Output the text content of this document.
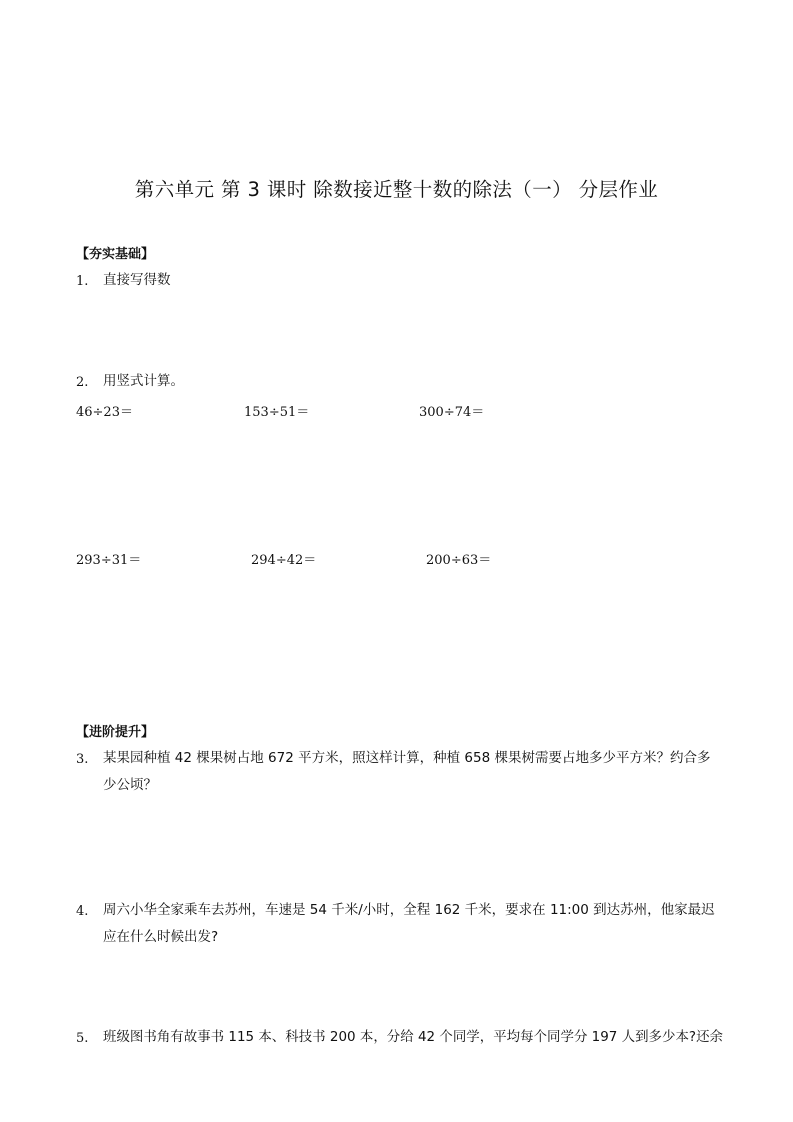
第六单元 第 3 课时 除数接近整十数的除法（一） 分层作业
【夯实基础】
1. 直接写得数
2. 用竖式计算。
46÷23＝	153÷51＝	300÷74＝
293÷31＝	294÷42＝	200÷63＝
【进阶提升】
3. 某果园种植 42 棵果树占地 672 平方米，照这样计算，种植 658 棵果树需要占地多少平方米？约合多
少公顷？
4. 周六小华全家乘车去苏州，车速是 54 千米/小时，全程 162 千米，要求在 11:00 到达苏州，他家最迟
应在什么时候出发?
5. 班级图书角有故事书 115 本、科技书 200 本，分给 42 个同学，平均每个同学分 197 人到多少本?还余
